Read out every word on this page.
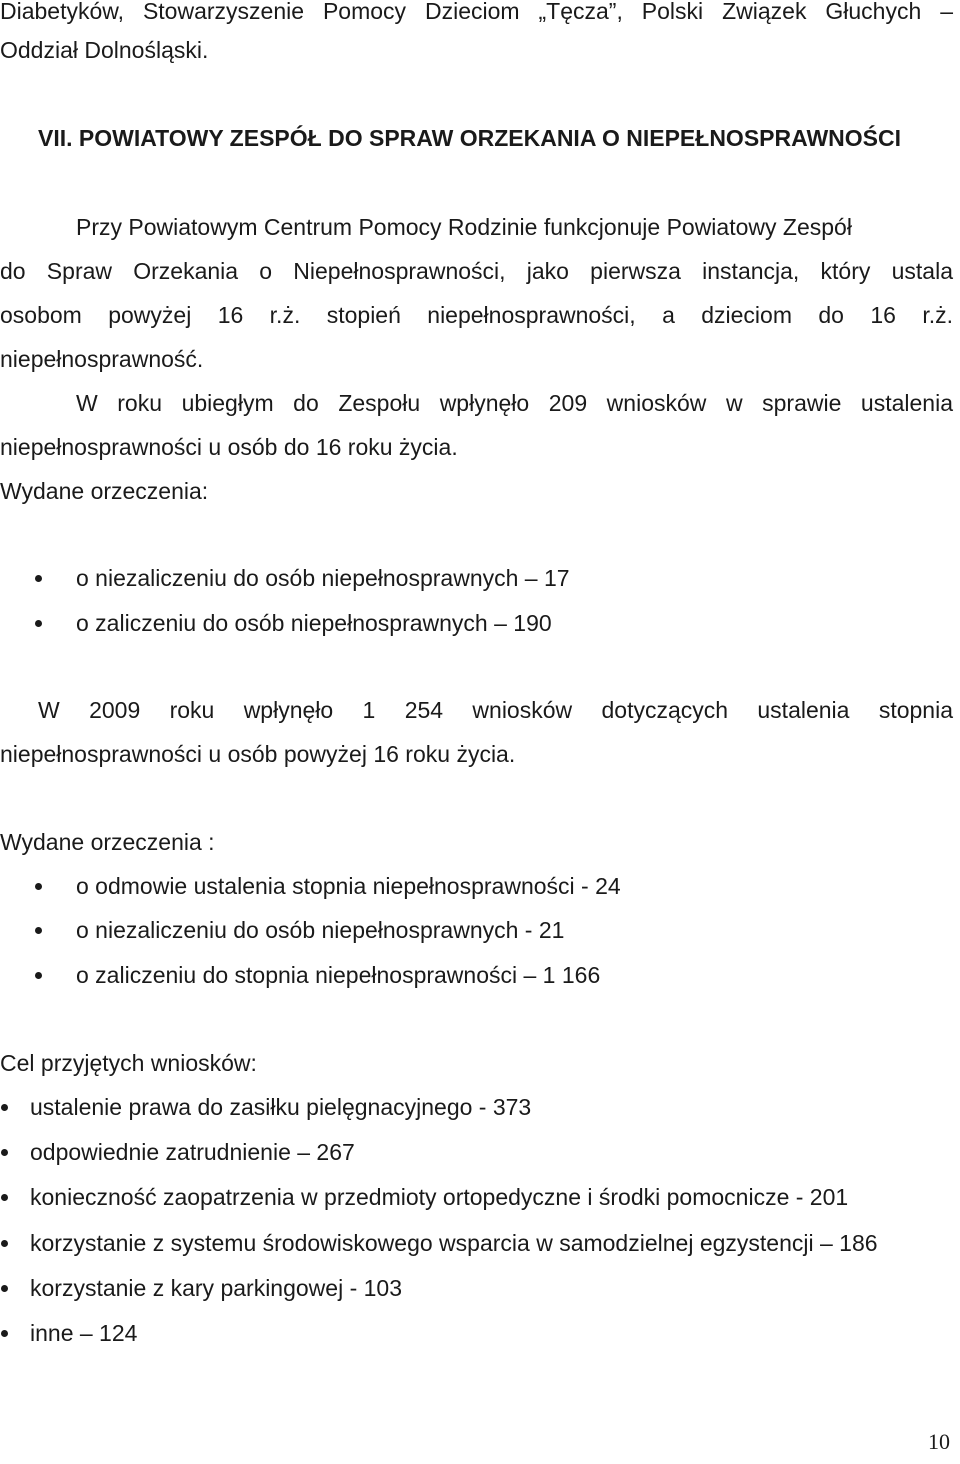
Diabetyków, Stowarzyszenie Pomocy Dzieciom „Tęcza”, Polski Związek Głuchych –
Oddział Dolnośląski.
VII. POWIATOWY ZESPÓŁ DO SPRAW ORZEKANIA O NIEPEŁNOSPRAWNOŚCI
Przy Powiatowym Centrum Pomocy Rodzinie funkcjonuje Powiatowy Zespół
do Spraw Orzekania o Niepełnosprawności, jako pierwsza instancja, który ustala
osobom powyżej 16 r.ż. stopień niepełnosprawności, a dzieciom do 16 r.ż.
niepełnosprawność.
W roku ubiegłym do Zespołu wpłynęło 209 wniosków w sprawie ustalenia
niepełnosprawności u osób do 16 roku życia.
Wydane orzeczenia:
o niezaliczeniu do osób niepełnosprawnych – 17
o zaliczeniu do osób niepełnosprawnych – 190
W 2009 roku wpłynęło 1 254 wniosków dotyczących ustalenia stopnia
niepełnosprawności u osób powyżej 16 roku życia.
Wydane orzeczenia :
o odmowie ustalenia stopnia niepełnosprawności - 24
o niezaliczeniu do osób niepełnosprawnych - 21
o zaliczeniu do stopnia niepełnosprawności – 1 166
Cel przyjętych wniosków:
ustalenie prawa do zasiłku pielęgnacyjnego - 373
odpowiednie zatrudnienie – 267
konieczność zaopatrzenia w przedmioty ortopedyczne i środki pomocnicze - 201
korzystanie z systemu środowiskowego wsparcia w samodzielnej egzystencji – 186
korzystanie z kary parkingowej - 103
inne – 124
10
